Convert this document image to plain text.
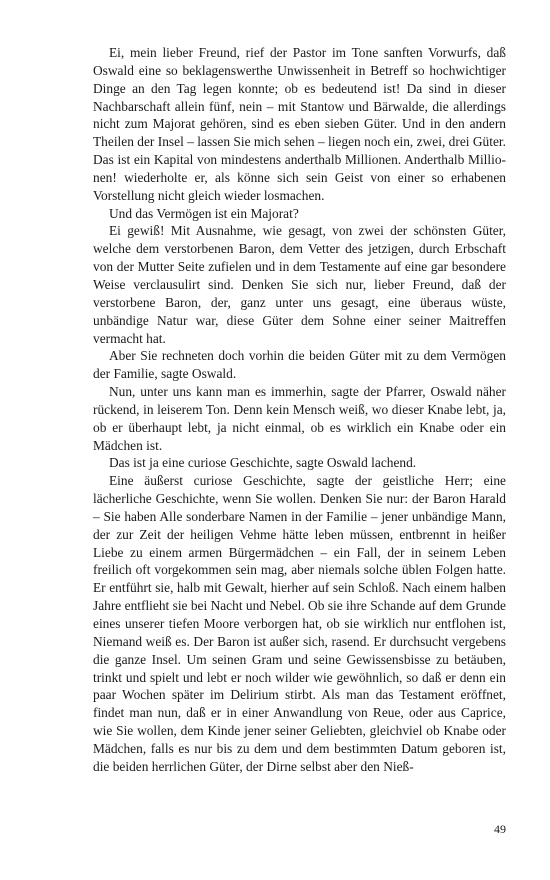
Ei, mein lieber Freund, rief der Pastor im Tone sanften Vorwurfs, daß Oswald eine so beklagenswerthe Unwissenheit in Betreff so hochwichtiger Dinge an den Tag legen konnte; ob es bedeutend ist! Da sind in dieser Nachbarschaft allein fünf, nein – mit Stantow und Bärwalde, die allerdings nicht zum Majorat gehören, sind es eben sieben Güter. Und in den andern Theilen der Insel – lassen Sie mich sehen – liegen noch ein, zwei, drei Güter. Das ist ein Kapital von mindestens anderthalb Millionen. Anderthalb Millionen! wiederholte er, als könne sich sein Geist von einer so erhabenen Vorstellung nicht gleich wieder losmachen.

Und das Vermögen ist ein Majorat?

Ei gewiß! Mit Ausnahme, wie gesagt, von zwei der schönsten Güter, welche dem verstorbenen Baron, dem Vetter des jetzigen, durch Erbschaft von der Mutter Seite zufielen und in dem Testamente auf eine gar besondere Weise verclausulirt sind. Denken Sie sich nur, lieber Freund, daß der verstorbene Baron, der, ganz unter uns gesagt, eine überaus wüste, unbändige Natur war, diese Güter dem Sohne einer seiner Maitreffen vermacht hat.

Aber Sie rechneten doch vorhin die beiden Güter mit zu dem Vermögen der Familie, sagte Oswald.

Nun, unter uns kann man es immerhin, sagte der Pfarrer, Oswald näher rückend, in leiserem Ton. Denn kein Mensch weiß, wo dieser Knabe lebt, ja, ob er überhaupt lebt, ja nicht einmal, ob es wirklich ein Knabe oder ein Mädchen ist.

Das ist ja eine curiose Geschichte, sagte Oswald lachend.

Eine äußerst curiose Geschichte, sagte der geistliche Herr; eine lächerliche Geschichte, wenn Sie wollen. Denken Sie nur: der Baron Harald – Sie haben Alle sonderbare Namen in der Familie – jener unbändige Mann, der zur Zeit der heiligen Vehme hätte leben müssen, entbrennt in heißer Liebe zu einem armen Bürgermädchen – ein Fall, der in seinem Leben freilich oft vorgekommen sein mag, aber niemals solche üblen Folgen hatte. Er entführt sie, halb mit Gewalt, hierher auf sein Schloß. Nach einem halben Jahre entflieht sie bei Nacht und Nebel. Ob sie ihre Schande auf dem Grunde eines unserer tiefen Moore verborgen hat, ob sie wirklich nur entflohen ist, Niemand weiß es. Der Baron ist außer sich, rasend. Er durchsucht vergebens die ganze Insel. Um seinen Gram und seine Gewissensbisse zu betäuben, trinkt und spielt und lebt er noch wilder wie gewöhnlich, so daß er denn ein paar Wochen später im Delirium stirbt. Als man das Testament eröffnet, findet man nun, daß er in einer Anwandlung von Reue, oder aus Caprice, wie Sie wollen, dem Kinde jener seiner Geliebten, gleichviel ob Knabe oder Mädchen, falls es nur bis zu dem und dem bestimmten Datum geboren ist, die beiden herrlichen Güter, der Dirne selbst aber den Nieß-

49
